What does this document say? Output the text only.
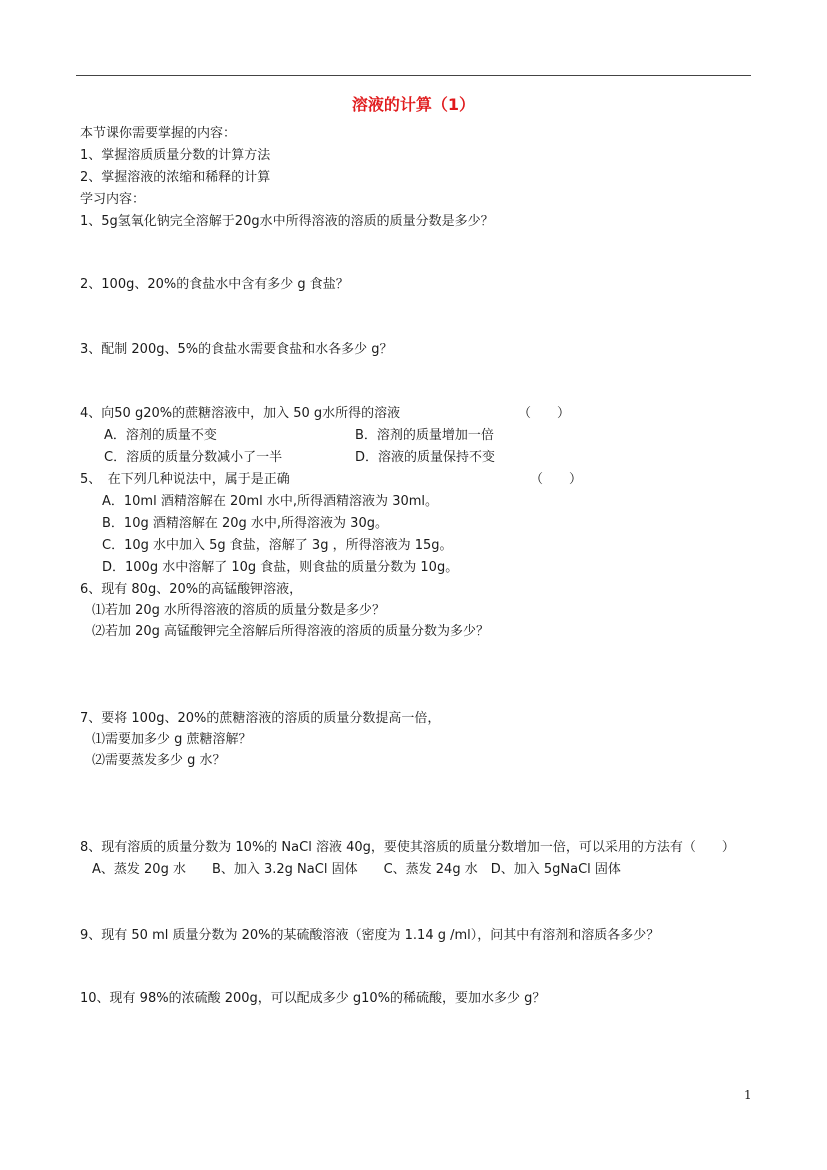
溶液的计算（1）
本节课你需要掌握的内容：
1、掌握溶质质量分数的计算方法
2、掌握溶液的浓缩和稀释的计算
学习内容：
1、5g氢氧化钠完全溶解于20g水中所得溶液的溶质的质量分数是多少？
2、100g、20%的食盐水中含有多少 g 食盐？
3、配制 200g、5%的食盐水需要食盐和水各多少 g？
4、向50 g20%的蔗糖溶液中，加入 50 g水所得的溶液	（　　）
A．溶剂的质量不变	B．溶剂的质量增加一倍
C．溶质的质量分数减小了一半	D．溶液的质量保持不变
5、　在下列几种说法中，属于是正确	（　　）
A．10ml 酒精溶解在 20ml 水中,所得酒精溶液为 30ml。
B．10g 酒精溶解在 20g 水中,所得溶液为 30g。
C．10g 水中加入 5g 食盐，溶解了 3g ，所得溶液为 15g。
D．100g 水中溶解了 10g 食盐，则食盐的质量分数为 10g。
6、现有 80g、20%的高锰酸钾溶液，
⑴若加 20g 水所得溶液的溶质的质量分数是多少？
⑵若加 20g 高锰酸钾完全溶解后所得溶液的溶质的质量分数为多少？
7、要将 100g、20%的蔗糖溶液的溶质的质量分数提高一倍，
⑴需要加多少 g 蔗糖溶解？
⑵需要蒸发多少 g 水？
8、现有溶质的质量分数为 10%的 NaCl 溶液 40g，要使其溶质的质量分数增加一倍，可以采用的方法有（　　）
A、蒸发 20g 水　　B、加入 3.2g NaCl 固体　　C、蒸发 24g 水　D、加入 5gNaCl 固体
9、现有 50 ml 质量分数为 20%的某硫酸溶液（密度为 1.14 g /ml），问其中有溶剂和溶质各多少？
10、现有 98%的浓硫酸 200g，可以配成多少 g10%的稀硫酸，要加水多少 g？
1
